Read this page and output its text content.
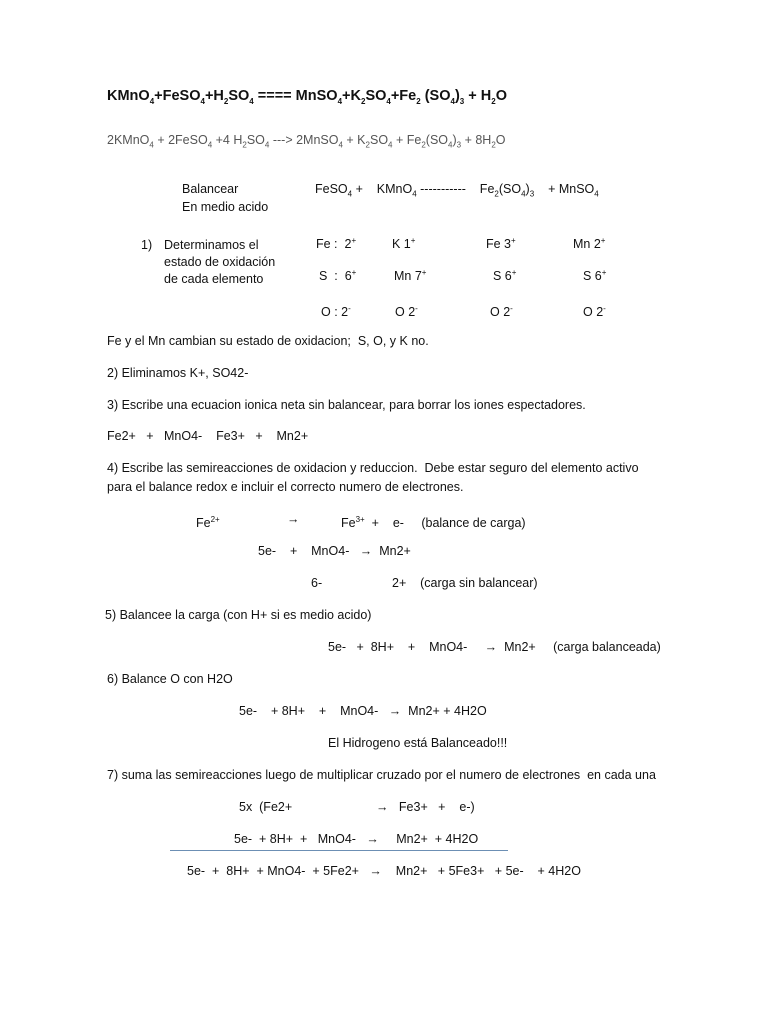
$KMnO_4+FeSO_4+H_2SO_4$ ==== $MnSO_4+K_2SO_4+Fe_2$ $(SO_4)_3 + H_2O$
2KMnO$_4$ + 2FeSO$_4$ +4 $H_2SO_4$ ---> 2MnSO$_4$ + $K_2SO_4 + Fe_2(SO_4)_3 + 8H_2O$
Balancear
En medio acido
FeSO$_4$ +    KMnO$_4$ -----------    $Fe_2(SO_4)_3$    + MnSO$_4$
1) Determinamos el
estado de oxidación
de cada elemento
Fe :  2+	K 1+	Fe 3+	Mn 2+
S  :  6+	Mn 7+	S 6+	S 6+
O : 2-	O 2-	O 2-	O 2-
Fe y el Mn cambian su estado de oxidacion;  S, O, y K no.
2) Eliminamos K+, SO42-
3) Escribe una ecuacion ionica neta sin balancear, para borrar los iones espectadores.
Fe2+   +   MnO4-    Fe3+   +    Mn2+
4) Escribe las semireacciones de oxidacion y reduccion.  Debe estar seguro del elemento activo
para el balance redox e incluir el correcto numero de electrones.
$Fe^{2+}$	→	$Fe^{3+}$  +    e-     (balance de carga)
5e-    +    MnO4-   →  Mn2+
6-	2+    (carga sin balancear)
5) Balancee la carga (con H+ si es medio acido)
5e-   +  8H+    +    MnO4-     →  Mn2+     (carga balanceada)
6) Balance O con H2O
5e-    + 8H+    +    MnO4-   →  Mn2+ + 4H2O
El Hidrogeno está Balanceado!!!
7) suma las semireacciones luego de multiplicar cruzado por el numero de electrones  en cada una
5x  (Fe2+	→   Fe3+   +    e-)
5e-  + 8H+  +   MnO4-   →     Mn2+  + 4H2O
5e-  +  8H+  + MnO4-  + 5Fe2+   →    Mn2+   + 5Fe3+   + 5e-    + 4H2O
